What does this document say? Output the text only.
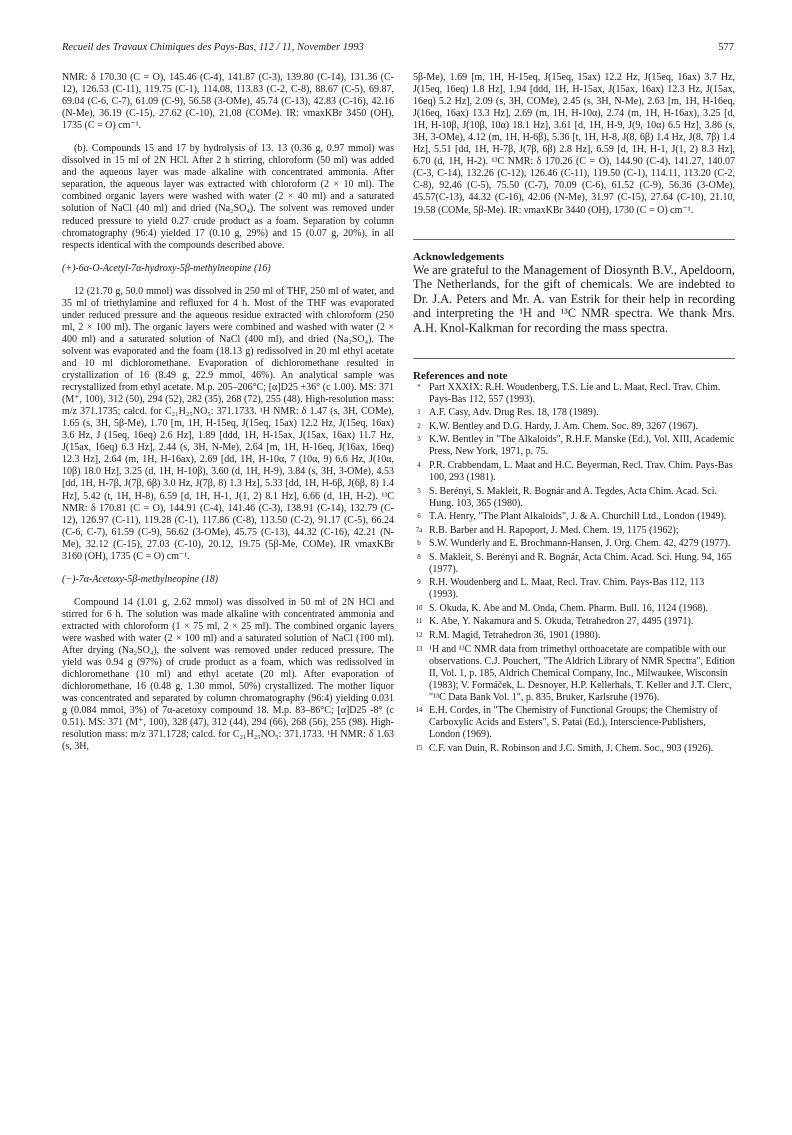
Recueil des Travaux Chimiques des Pays-Bas, 112 / 11, November 1993	577

NMR: δ 170.30 (C = O), 145.46 (C-4), 141.87 (C-3), 139.80 (C-14), 131.36 (C-12), 126.53 (C-11), 119.75 (C-1), 114.08, 113.83 (C-2, C-8), 88.67 (C-5), 69.87, 69.04 (C-6, C-7), 61.09 (C-9), 56.58 (3-OMe), 45.74 (C-13), 42.83 (C-16), 42.16 (N-Me), 36.19 (C-15), 27.62 (C-10), 21.08 (COMe). IR: νmaxKBr 3450 (OH), 1735 (C = O) cm⁻¹.

(b). Compounds 15 and 17 by hydrolysis of 13. 13 (0.36 g, 0.97 mmol) was dissolved in 15 ml of 2N HCl. After 2 h stirring, chloroform (50 ml) was added and the aqueous layer was made alkaline with concentrated ammonia. After separation, the aqueous layer was extracted with chloroform (2 × 10 ml). The combined organic layers were washed with water (2 × 40 ml) and a saturated solution of NaCl (40 ml) and dried (Na₂SO₄). The solvent was removed under reduced pressure to yield 0.27 crude product as a foam. Separation by column chromatography (96:4) yielded 17 (0.10 g, 29%) and 15 (0.07 g, 20%), in all respects identical with the compounds described above.

(+)-6α-O-Acetyl-7α-hydroxy-5β-methylneopine (16)

12 (21.70 g, 50.0 mmol) was dissolved in 250 ml of THF, 250 ml of water, and 35 ml of triethylamine and refluxed for 4 h. Most of the THF was evaporated under reduced pressure and the aqueous residue extracted with chloroform (250 ml, 2 × 100 ml). The organic layers were combined and washed with water (2 × 400 ml) and a saturated solution of NaCl (400 ml), and dried (Na₂SO₄). The solvent was evaporated and the foam (18.13 g) redissolved in 20 ml ethyl acetate and 10 ml dichloromethane. Evaporation of dichloromethane resulted in crystallization of 16 (8.49 g, 22.9 mmol, 46%). An analytical sample was recrystallized from ethyl acetate. M.p. 205–206°C; [α]D25 +36° (c 1.00). MS: 371 (M⁺, 100), 312 (50), 294 (52), 282 (35), 268 (72), 255 (48). High-resolution mass: m/z 371.1735; calcd. for C₂₁H₂₅NO₅: 371.1733. ¹H NMR: δ 1.47 (s, 3H, COMe), 1.65 (s, 3H, 5β-Me), 1.70 [m, 1H, H-15eq, J(15eq, 15ax) 12.2 Hz, J(15eq, 16ax) 3.6 Hz, J (15eq, 16eq) 2.6 Hz], 1.89 [ddd, 1H, H-15ax, J(15ax, 16ax) 11.7 Hz, J(15ax, 16eq) 6.3 Hz], 2.44 (s, 3H, N-Me), 2.64 [m, 1H, H-16eq, J(16ax, 16eq) 12.3 Hz], 2.64 (m, 1H, H-16ax), 2.69 [dd, 1H, H-10α, 7 (10α, 9) 6.6 Hz, J(10α, 10β) 18.0 Hz], 3.25 (d, 1H, H-10β), 3.60 (d, 1H, H-9), 3.84 (s, 3H, 3-OMe), 4.53 [dd, 1H, H-7β, J(7β, 6β) 3.0 Hz, J(7β, 8) 1.3 Hz], 5.33 [dd, 1H, H-6β, J(6β, 8) 1.4 Hz], 5.42 (t, 1H, H-8), 6.59 [d, 1H, H-1, J(1, 2) 8.1 Hz], 6.66 (d, 1H, H-2). ¹³C NMR: δ 170.81 (C = O), 144.91 (C-4), 141.46 (C-3), 138.91 (C-14), 132.79 (C-12), 126.97 (C-11), 119.28 (C-1), 117.86 (C-8), 113.50 (C-2), 91.17 (C-5), 66.24 (C-6, C-7), 61.59 (C-9), 56.62 (3-OMe), 45.75 (C-13), 44.32 (C-16), 42.21 (N-Me), 32.12 (C-15), 27.03 (C-10), 20.12, 19.75 (5β-Me, COMe). IR νmaxKBr 3160 (OH), 1735 (C = O) cm⁻¹.

(−)-7α-Acetoxy-5β-methylneopine (18)

Compound 14 (1.01 g, 2.62 mmol) was dissolved in 50 ml of 2N HCl and stirred for 6 h. The solution was made alkaline with concentrated ammonia and extracted with chloroform (1 × 75 ml, 2 × 25 ml). The combined organic layers were washed with water (2 × 100 ml) and a saturated solution of NaCl (100 ml). After drying (Na₂SO₄), the solvent was removed under reduced pressure. The yield was 0.94 g (97%) of crude product as a foam, which was redissolved in dichloromethane (10 ml) and ethyl acetate (20 ml). After evaporation of dichloromethane, 16 (0.48 g, 1.30 mmol, 50%) crystallized. The mother liquor was concentrated and separated by column chromatography (96:4) yielding 0.031 g (0.084 mmol, 3%) of 7α-acetoxy compound 18. M.p. 83–86°C; [α]D25 -8° (c 0.51). MS: 371 (M⁺, 100), 328 (47), 312 (44), 294 (66), 268 (56), 255 (98). High-resolution mass: m/z 371.1728; calcd. for C₂₁H₂₅NO₅: 371.1733. ¹H NMR: δ 1.63 (s, 3H,

5β-Me), 1.69 [m, 1H, H-15eq, J(15eq, 15ax) 12.2 Hz, J(15eq, 16ax) 3.7 Hz, J(15eq, 16eq) 1.8 Hz], 1.94 [ddd, 1H, H-15ax, J(15ax, 16ax) 12.3 Hz, J(15ax, 16eq) 5.2 Hz], 2.09 (s, 3H, COMe), 2.45 (s, 3H, N-Me), 2.63 [m, 1H, H-16eq, J(16eq, 16ax) 13.3 Hz], 2.69 (m, 1H, H-10α), 2.74 (m, 1H, H-16ax), 3.25 [d, 1H, H-10β, J(10β, 10α) 18.1 Hz], 3.61 [d, 1H, H-9, J(9, 10α) 6.5 Hz], 3.86 (s, 3H, 3-OMe), 4.12 (m, 1H, H-6β), 5.36 [t, 1H, H-8, J(8, 6β) 1.4 Hz, J(8, 7β) 1.4 Hz], 5.51 [dd, 1H, H-7β, J(7β, 6β) 2.8 Hz], 6.59 [d, 1H, H-1, J(1, 2) 8.3 Hz], 6.70 (d, 1H, H-2). ¹³C NMR: δ 170.26 (C = O), 144.90 (C-4), 141.27, 140.07 (C-3, C-14), 132.26 (C-12), 126.46 (C-11), 119.50 (C-1), 114.11, 113.20 (C-2, C-8), 92.46 (C-5), 75.50 (C-7), 70.09 (C-6), 61.52 (C-9), 56.36 (3-OMe), 45.57(C-13), 44.32 (C-16), 42.06 (N-Me), 31.97 (C-15), 27.64 (C-10), 21.10, 19.58 (COMe, 5β-Me). IR: νmaxKBr 3440 (OH), 1730 (C = O) cm⁻¹.

Acknowledgements

We are grateful to the Management of Diosynth B.V., Apeldoorn, The Netherlands, for the gift of chemicals. We are indebted to Dr. J.A. Peters and Mr. A. van Estrik for their help in recording and interpreting the ¹H and ¹³C NMR spectra. We thank Mrs. A.H. Knol-Kalkman for recording the mass spectra.

References and note

* Part XXXIX: R.H. Woudenberg, T.S. Lie and L. Maat, Recl. Trav. Chim. Pays-Bas 112, 557 (1993).
1 A.F. Casy, Adv. Drug Res. 18, 178 (1989).
2 K.W. Bentley and D.G. Hardy, J. Am. Chem. Soc. 89, 3267 (1967).
3 K.W. Bentley in "The Alkaloids", R.H.F. Manske (Ed.), Vol. XIII, Academic Press, New York, 1971, p. 75.
4 P.R. Crabbendam, L. Maat and H.C. Beyerman, Recl. Trav. Chim. Pays-Bas 100, 293 (1981).
5 S. Berényi, S. Makleit, R. Bognár and A. Tegdes, Acta Chim. Acad. Sci. Hung. 103, 365 (1980).
6 T.A. Henry, "The Plant Alkaloids", J. & A. Churchill Ltd., London (1949).
7a R.B. Barber and H. Rapoport, J. Med. Chem. 19, 1175 (1962);
b S.W. Wunderly and E. Brochmann-Hansen, J. Org. Chem. 42, 4279 (1977).
8 S. Makleit, S. Berényi and R. Bognár, Acta Chim. Acad. Sci. Hung. 94, 165 (1977).
9 R.H. Woudenberg and L. Maat, Recl. Trav. Chim. Pays-Bas 112, 113 (1993).
10 S. Okuda, K. Abe and M. Onda, Chem. Pharm. Bull. 16, 1124 (1968).
11 K. Abe, Y. Nakamura and S. Okuda, Tetrahedron 27, 4495 (1971).
12 R.M. Magid, Tetrahedron 36, 1901 (1980).
13 ¹H and ¹³C NMR data from trimethyl orthoacetate are compatible with our observations. C.J. Pouchert, "The Aldrich Library of NMR Spectra", Edition II, Vol. 1, p. 185, Aldrich Chemical Company, Inc., Milwaukee, Wisconsin (1983); V. Formáček, L. Desnoyer, H.P. Kellerhals, T. Keller and J.T. Clerc, "¹³C Data Bank Vol. 1", p. 835, Bruker, Karlsruhe (1976).
14 E.H. Cordes, in "The Chemistry of Functional Groups; the Chemistry of Carboxylic Acids and Esters", S. Patai (Ed.), Interscience-Publishers, London (1969).
15 C.F. van Duin, R. Robinson and J.C. Smith, J. Chem. Soc., 903 (1926).
